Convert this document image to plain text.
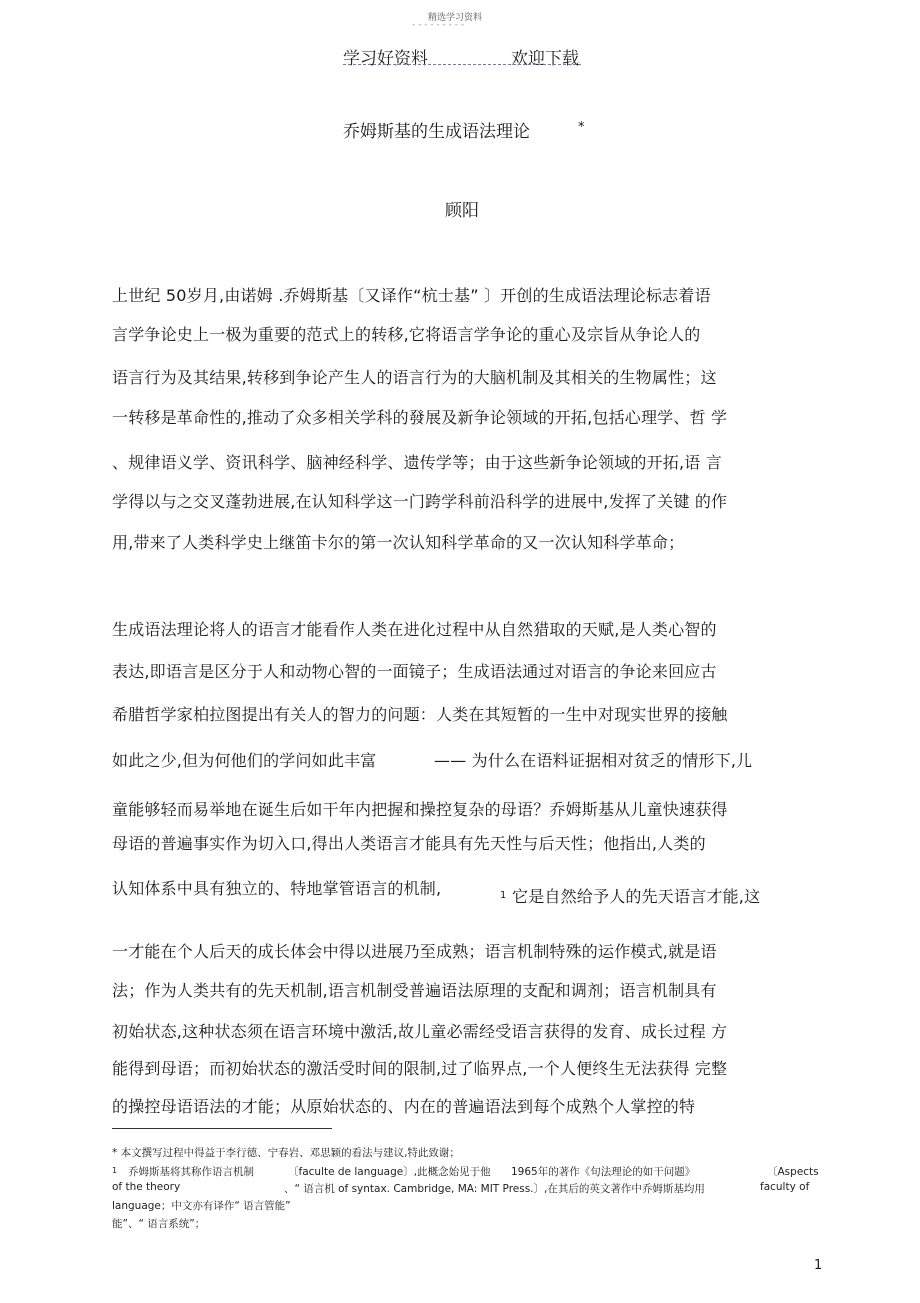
精选学习资料
- - - - - - - - -
学习好资料	欢迎下载
乔姆斯基的生成语法理论	*
顾阳
上世纪 50岁月,由诺姆 .乔姆斯基〔又译作“杭士基” 〕开创的生成语法理论标志着语
言学争论史上一极为重要的范式上的转移,它将语言学争论的重心及宗旨从争论人的
语言行为及其结果,转移到争论产生人的语言行为的大脑机制及其相关的生物属性；这
一转移是革命性的,推动了众多相关学科的發展及新争论领域的开拓,包括心理学、哲 学
、规律语义学、资讯科学、脑神经科学、遗传学等；由于这些新争论领域的开拓,语 言
学得以与之交叉蓬勃进展,在认知科学这一门跨学科前沿科学的进展中,发挥了关键 的作
用,带来了人类科学史上继笛卡尔的第一次认知科学革命的又一次认知科学革命；
生成语法理论将人的语言才能看作人类在进化过程中从自然猎取的天赋,是人类心智的
表达,即语言是区分于人和动物心智的一面镜子；生成语法通过对语言的争论来回应古
希腊哲学家柏拉图提出有关人的智力的问题：人类在其短暂的一生中对现实世界的接触
如此之少,但为何他们的学问如此丰富	—— 为什么在语料证据相对贫乏的情形下,儿
童能够轻而易举地在诞生后如干年内把握和操控复杂的母语？乔姆斯基从儿童快速获得
母语的普遍事实作为切入口,得出人类语言才能具有先天性与后天性；他指出,人类的
认知体系中具有独立的、特地掌管语言的机制,	1 它是自然给予人的先天语言才能,这
一才能在个人后天的成长体会中得以进展乃至成熟；语言机制特殊的运作模式,就是语
法；作为人类共有的先天机制,语言机制受普遍语法原理的支配和调剂；语言机制具有
初始状态,这种状态须在语言环境中激活,故儿童必需经受语言获得的发育、成长过程 方
能得到母语；而初始状态的激活受时间的限制,过了临界点,一个人便终生无法获得 完整
的操控母语语法的才能；从原始状态的、内在的普遍语法到每个成熟个人掌控的特
* 本文撰写过程中得益于李行德、宁春岩、邓思颖的看法与建议,特此致谢；
1 乔姆斯基将其称作语言机制	〔faculte de language〕,此概念始见于他 1965年的著作《句法理论的如干问题》	〔Aspects
of the theory	、“ 语言机 of syntax. Cambridge, MA: MIT Press.〕,在其后的英文著作中乔姆斯基均用	faculty of
language；中文亦有译作“ 语言管能”
能”、“ 语言系统”；
1
